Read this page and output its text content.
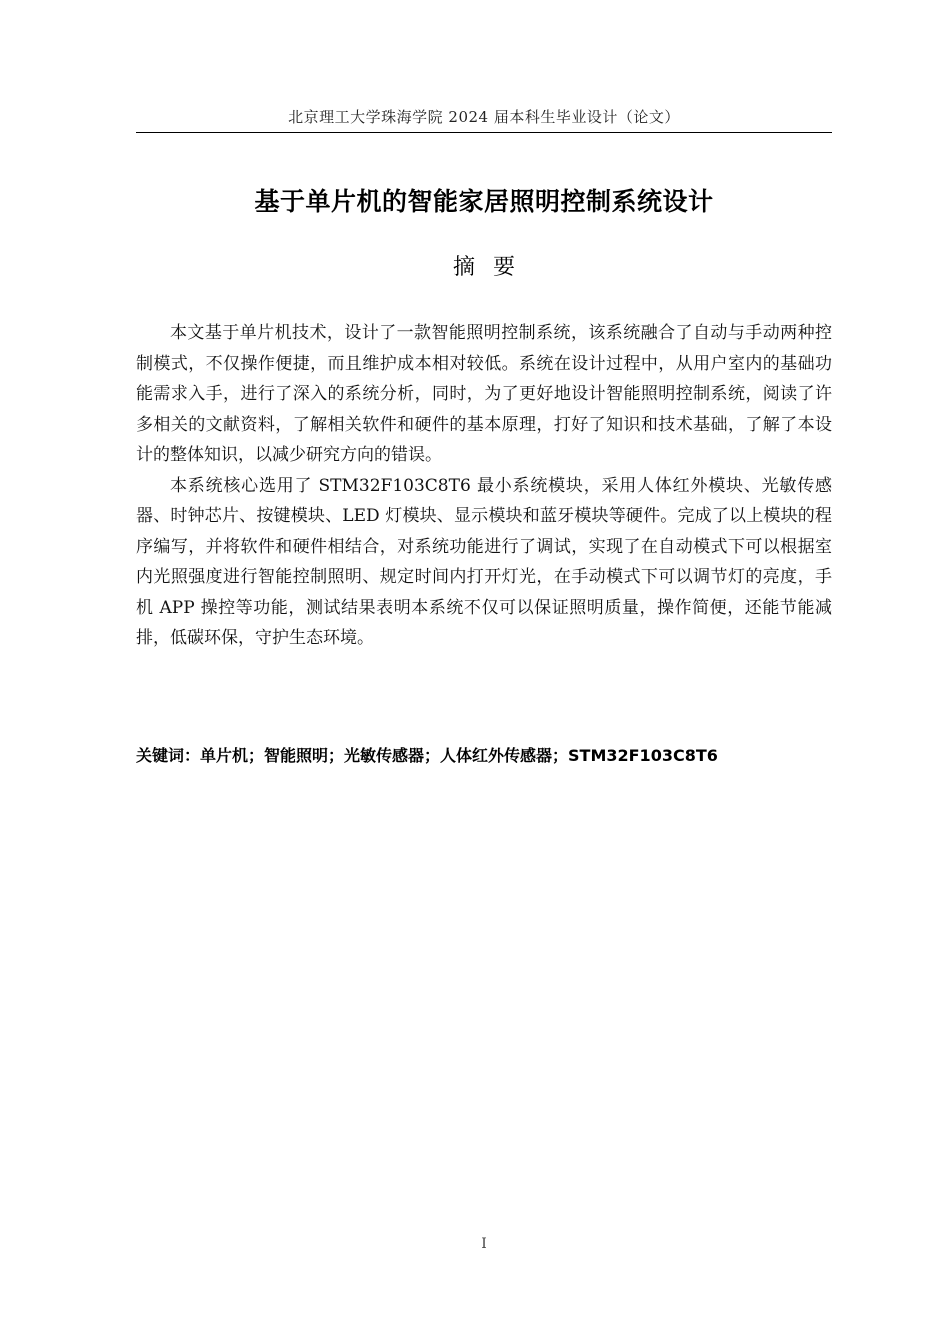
北京理工大学珠海学院 2024 届本科生毕业设计（论文）
基于单片机的智能家居照明控制系统设计
摘要

本文基于单片机技术，设计了一款智能照明控制系统，该系统融合了自动与手动两种控制模式，不仅操作便捷，而且维护成本相对较低。系统在设计过程中，从用户室内的基础功能需求入手，进行了深入的系统分析，同时，为了更好地设计智能照明控制系统，阅读了许多相关的文献资料，了解相关软件和硬件的基本原理，打好了知识和技术基础，了解了本设计的整体知识，以减少研究方向的错误。

本系统核心选用了 STM32F103C8T6 最小系统模块，采用人体红外模块、光敏传感器、时钟芯片、按键模块、LED 灯模块、显示模块和蓝牙模块等硬件。完成了以上模块的程序编写，并将软件和硬件相结合，对系统功能进行了调试，实现了在自动模式下可以根据室内光照强度进行智能控制照明、规定时间内打开灯光，在手动模式下可以调节灯的亮度，手机 APP 操控等功能，测试结果表明本系统不仅可以保证照明质量，操作简便，还能节能减排，低碳环保，守护生态环境。

关键词：单片机；智能照明；光敏传感器；人体红外传感器；STM32F103C8T6
I
